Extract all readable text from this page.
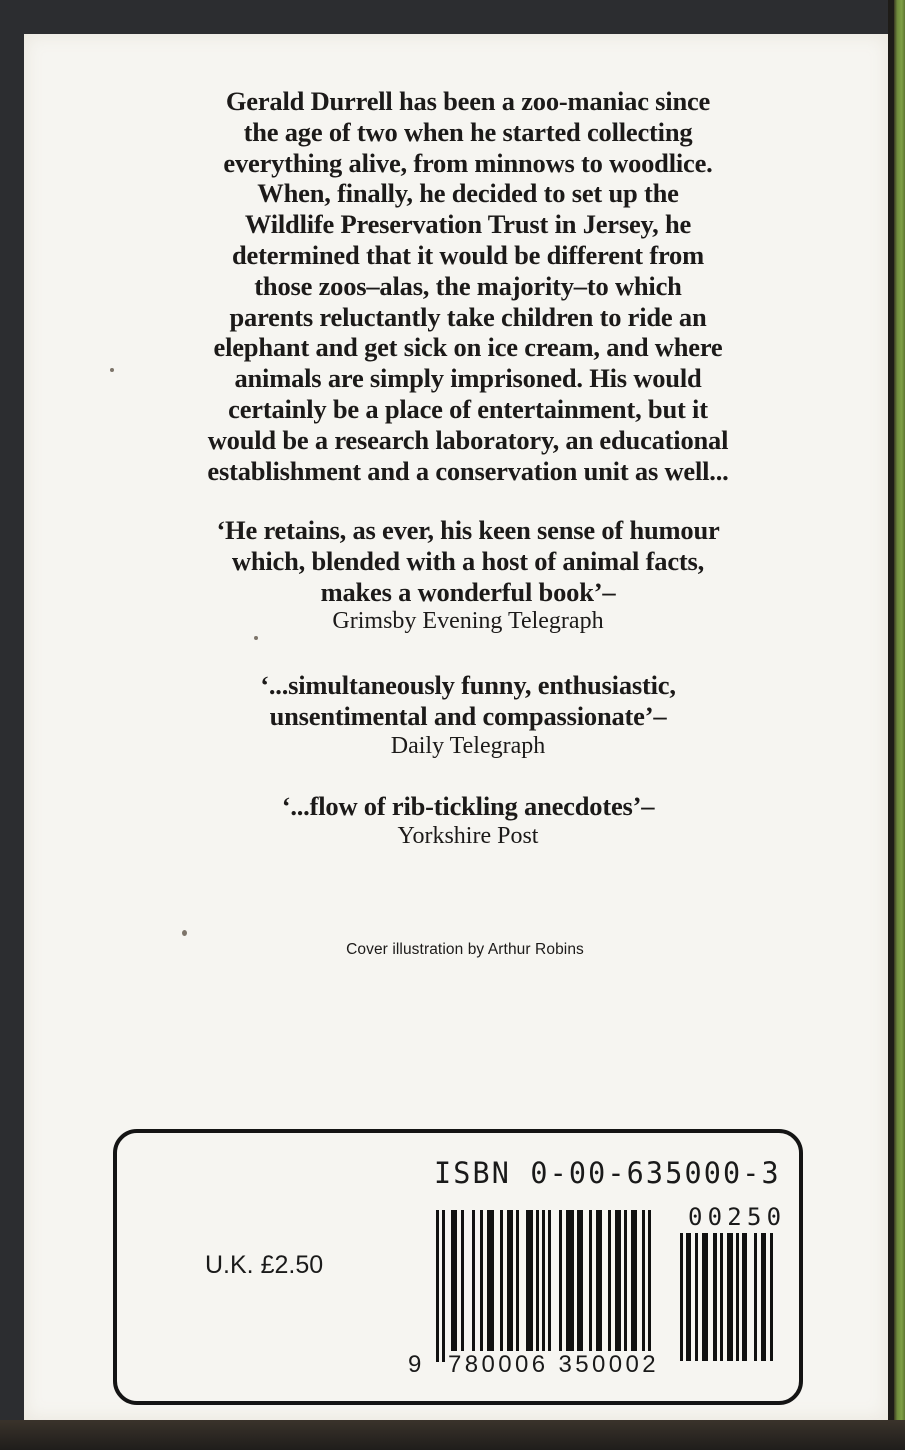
Gerald Durrell has been a zoo-maniac since
the age of two when he started collecting
everything alive, from minnows to woodlice.
When, finally, he decided to set up the
Wildlife Preservation Trust in Jersey, he
determined that it would be different from
those zoos–alas, the majority–to which
parents reluctantly take children to ride an
elephant and get sick on ice cream, and where
animals are simply imprisoned. His would
certainly be a place of entertainment, but it
would be a research laboratory, an educational
establishment and a conservation unit as well...
‘He retains, as ever, his keen sense of humour
which, blended with a host of animal facts,
makes a wonderful book’–
Grimsby Evening Telegraph
‘...simultaneously funny, enthusiastic,
unsentimental and compassionate’–
Daily Telegraph
‘...flow of rib-tickling anecdotes’–
Yorkshire Post
Cover illustration by Arthur Robins
U.K. £2.50
ISBN 0-00-635000-3
00250
9 780006 350002
